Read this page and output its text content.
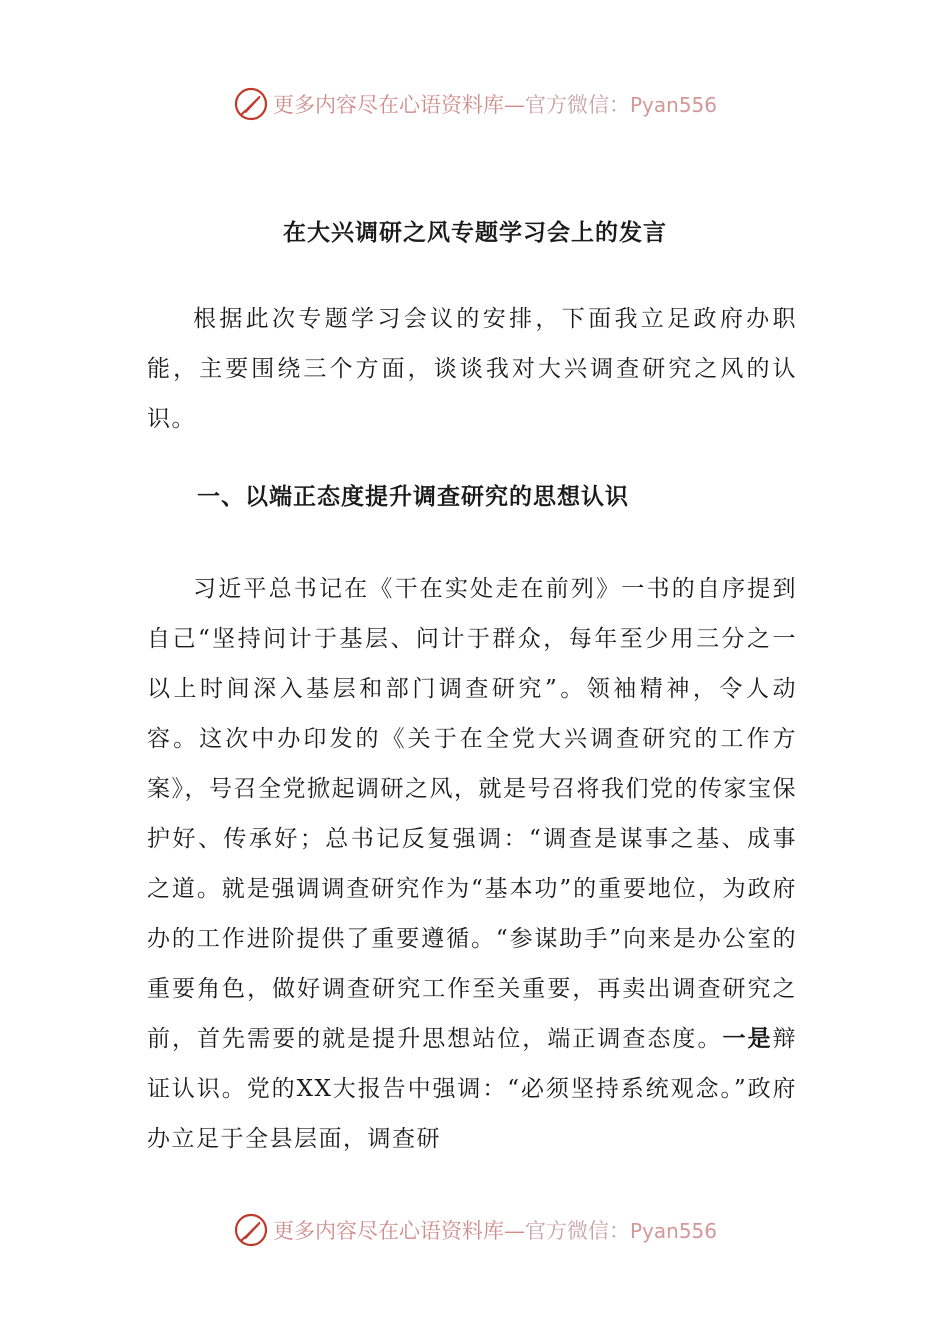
更多内容尽在心语资料库—官方微信：Pyan556
在大兴调研之风专题学习会上的发言

根据此次专题学习会议的安排，下面我立足政府办职能，主要围绕三个方面，谈谈我对大兴调查研究之风的认识。

一、以端正态度提升调查研究的思想认识

习近平总书记在《干在实处走在前列》一书的自序提到自己“坚持问计于基层、问计于群众，每年至少用三分之一以上时间深入基层和部门调查研究”。领袖精神，令人动容。这次中办印发的《关于在全党大兴调查研究的工作方案》，号召全党掀起调研之风，就是号召将我们党的传家宝保护好、传承好；总书记反复强调：“调查是谋事之基、成事之道。就是强调调查研究作为“基本功”的重要地位，为政府办的工作进阶提供了重要遵循。“参谋助手”向来是办公室的重要角色，做好调查研究工作至关重要，再卖出调查研究之前，首先需要的就是提升思想站位，端正调查态度。一是辩证认识。党的XX大报告中强调：“必须坚持系统观念。”政府办立足于全县层面，调查研

更多内容尽在心语资料库—官方微信：Pyan556
